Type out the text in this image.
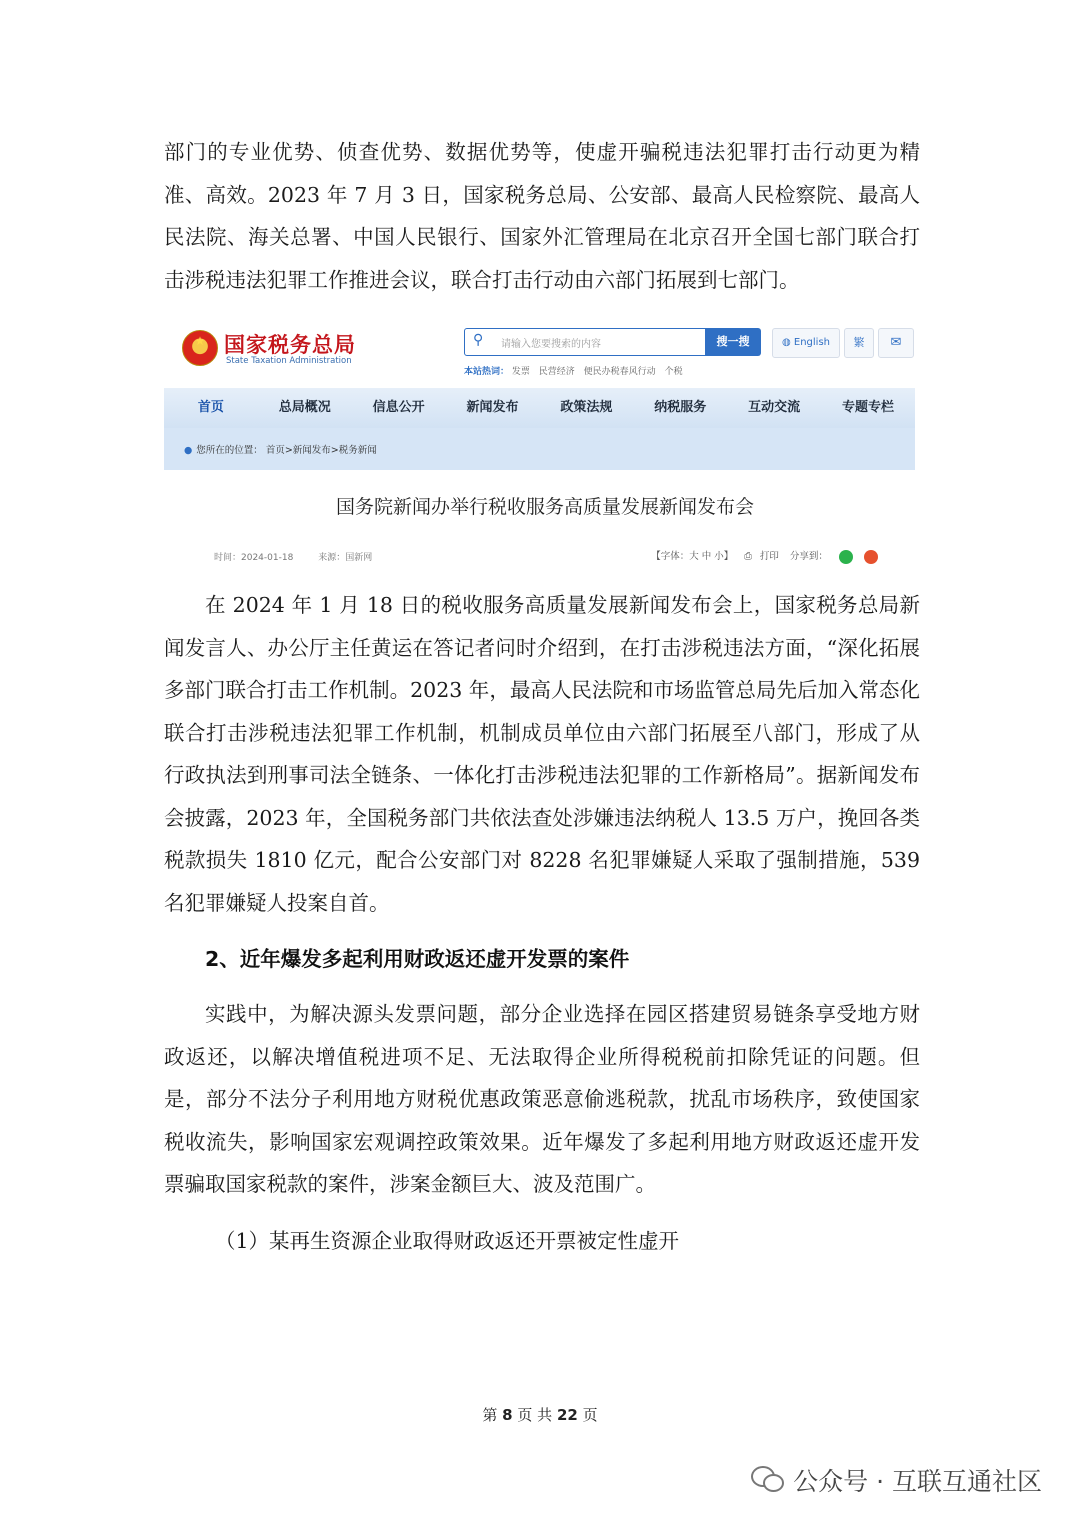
部门的专业优势、侦查优势、数据优势等，使虚开骗税违法犯罪打击行动更为精准、高效。2023 年 7 月 3 日，国家税务总局、公安部、最高人民检察院、最高人民法院、海关总署、中国人民银行、国家外汇管理局在北京召开全国七部门联合打击涉税违法犯罪工作推进会议，联合打击行动由六部门拓展到七部门。

★
国家税务总局
State Taxation Administration
⚲ 请输入您要搜索的内容	搜一搜	◍ English	繁	✉
本站热词： 发票 民营经济 便民办税春风行动 个税
首页	总局概况	信息公开	新闻发布	政策法规	纳税服务	互动交流	专题专栏
● 您所在的位置： 首页>新闻发布>税务新闻
国务院新闻办举行税收服务高质量发展新闻发布会
时间：2024-01-18	来源：国新网	【字体：大 中 小】 ⎙ 打印 分享到：

在 2024 年 1 月 18 日的税收服务高质量发展新闻发布会上，国家税务总局新闻发言人、办公厅主任黄运在答记者问时介绍到，在打击涉税违法方面，“深化拓展多部门联合打击工作机制。2023 年，最高人民法院和市场监管总局先后加入常态化联合打击涉税违法犯罪工作机制，机制成员单位由六部门拓展至八部门，形成了从行政执法到刑事司法全链条、一体化打击涉税违法犯罪的工作新格局”。据新闻发布会披露，2023 年，全国税务部门共依法查处涉嫌违法纳税人 13.5 万户，挽回各类税款损失 1810 亿元，配合公安部门对 8228 名犯罪嫌疑人采取了强制措施，539 名犯罪嫌疑人投案自首。

2、近年爆发多起利用财政返还虚开发票的案件

实践中，为解决源头发票问题，部分企业选择在园区搭建贸易链条享受地方财政返还，以解决增值税进项不足、无法取得企业所得税税前扣除凭证的问题。但是，部分不法分子利用地方财税优惠政策恶意偷逃税款，扰乱市场秩序，致使国家税收流失，影响国家宏观调控政策效果。近年爆发了多起利用地方财政返还虚开发票骗取国家税款的案件，涉案金额巨大、波及范围广。

（1）某再生资源企业取得财政返还开票被定性虚开

第 8 页 共 22 页
公众号 · 互联互通社区
